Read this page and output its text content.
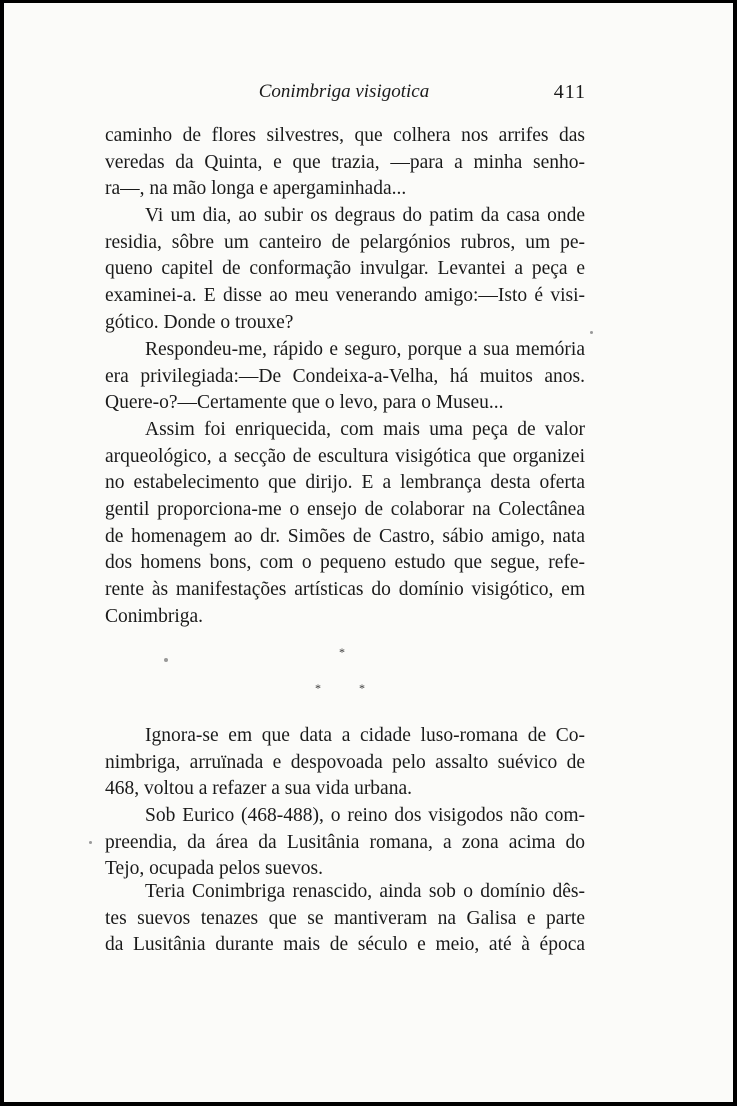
Conimbriga visigotica	411
caminho de flores silvestres, que colhera nos arrifes das
veredas da Quinta, e que trazia, —para a minha senho-
ra—, na mão longa e apergaminhada...
Vi um dia, ao subir os degraus do patim da casa onde
residia, sôbre um canteiro de pelargónios rubros, um pe-
queno capitel de conformação invulgar. Levantei a peça e
examinei-a. E disse ao meu venerando amigo:—Isto é visi-
gótico. Donde o trouxe?
Respondeu-me, rápido e seguro, porque a sua memória
era privilegiada:—De Condeixa-a-Velha, há muitos anos.
Quere-o?—Certamente que o levo, para o Museu...
Assim foi enriquecida, com mais uma peça de valor
arqueológico, a secção de escultura visigótica que organizei
no estabelecimento que dirijo. E a lembrança desta oferta
gentil proporciona-me o ensejo de colaborar na Colectânea
de homenagem ao dr. Simões de Castro, sábio amigo, nata
dos homens bons, com o pequeno estudo que segue, refe-
rente às manifestações artísticas do domínio visigótico, em
Conimbriga.
*
*	*
Ignora-se em que data a cidade luso-romana de Co-
nimbriga, arruïnada e despovoada pelo assalto suévico de
468, voltou a refazer a sua vida urbana.
Sob Eurico (468-488), o reino dos visigodos não com-
preendia, da área da Lusitânia romana, a zona acima do
Tejo, ocupada pelos suevos.
Teria Conimbriga renascido, ainda sob o domínio dês-
tes suevos tenazes que se mantiveram na Galisa e parte
da Lusitânia durante mais de século e meio, até à época
